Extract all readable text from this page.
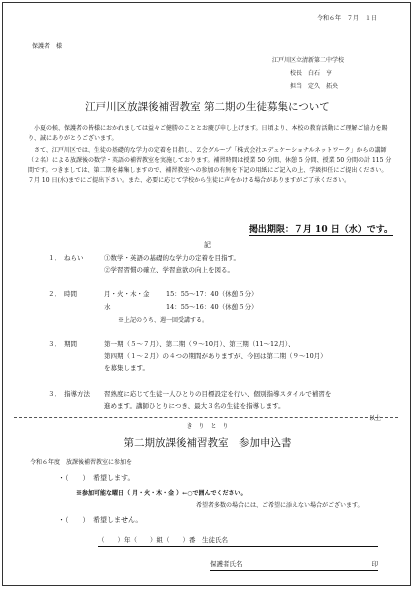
令和６年　７月　１日
保護者　様
江戸川区立清新第二中学校
校長　白石　亨
担当　定久　拓央
江戸川区放課後補習教室 第二期の生徒募集について
小夏の候、保護者の皆様におかれましては益々ご健勝のこととお慶び申し上げます。日頃より、本校の教育活動にご理解ご協力を賜り、誠にありがとうございます。
さて、江戸川区では、生徒の基礎的な学力の定着を目指し、Ｚ会グループ「株式会社エデュケーショナルネットワーク」からの講師（２名）による放課後の数学・英語の補習教室を実施しております。補習時間は授業 50 分間、休憩 5 分間、授業 50 分間の計 115 分間です。つきましては、第二期を募集しますので、補習教室への参加の有無を下記の用紙にご記入の上、学級担任にご提出ください。７月 10 日(水)までにご提出下さい。また、必要に応じて学校から生徒に声をかける場合がありますがご了承ください。
掲出期限：７月 10 日（水）です。
記
１． ねらい	①数学・英語の基礎的な学力の定着を目指す。
②学習習慣の確立、学習意欲の向上を図る。
２． 時間	月・火・木・金	15：55～17：40（休憩５分）
水	14：55～16：40（休憩５分）
※上記のうち、週一回受講する。
３． 期間	第一期（５～７月）、第二期（９～10月）、第三期（11～12月）、
第四期（１～２月）の４つの期間がありますが、今回は第二期（９～10月）
を募集します。
３． 指導方法 習熟度に応じて生徒一人ひとりの目標設定を行い、個別指導スタイルで補習を
進めます。講師ひとりにつき、最大３名の生徒を指導します。
以上
き　り　と　り
第二期放課後補習教室　参加申込書
令和６年度　放課後補習教室に参加を
・（　　）　希望します。
※参加可能な曜日（ 月・火・木・金 ）←○で囲んでください。
希望者多数の場合には、ご希望に添えない場合がございます。
・（　　）　希望しません。
（　　）年（　　）組（　　）番　生徒氏名
保護者氏名	印
